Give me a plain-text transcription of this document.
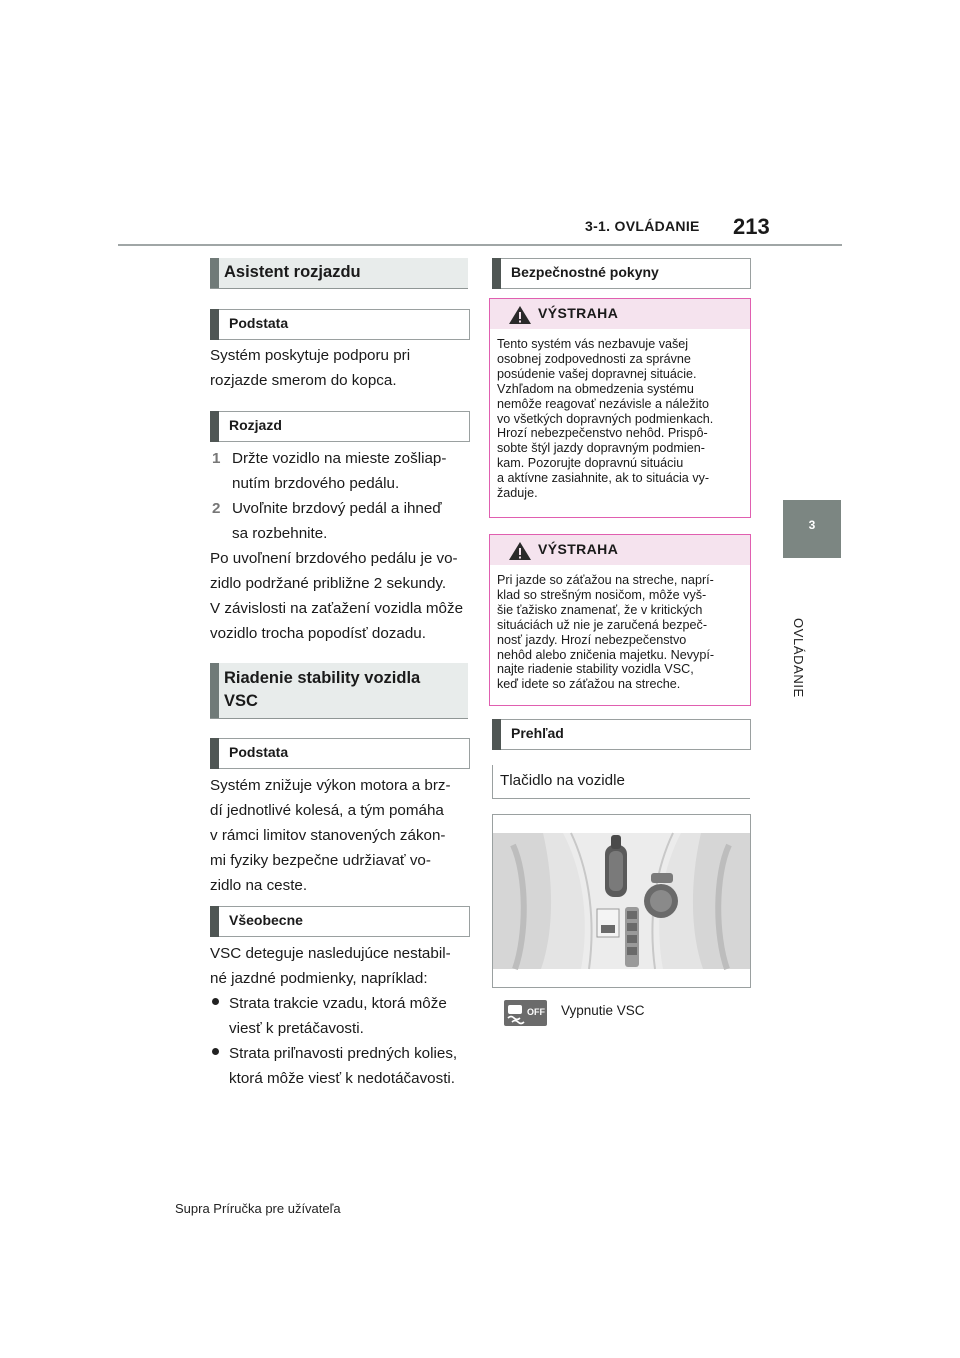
3-1. OVLÁDANIE 213
3
OVLÁDANIE
Asistent rozjazdu
Podstata
Systém poskytuje podporu pri
rozjazde smerom do kopca.
Rozjazd
1 Držte vozidlo na mieste zošliap-
nutím brzdového pedálu.
2 Uvoľnite brzdový pedál a ihneď
sa rozbehnite.
Po uvoľnení brzdového pedálu je vo-
zidlo podržané približne 2 sekundy.
V závislosti na zaťažení vozidla môže
vozidlo trocha popodísť dozadu.
Riadenie stability vozidla
VSC
Podstata
Systém znižuje výkon motora a brz-
dí jednotlivé kolesá, a tým pomáha
v rámci limitov stanovených zákon-
mi fyziky bezpečne udržiavať vo-
zidlo na ceste.
Všeobecne
VSC deteguje nasledujúce nestabil-
né jazdné podmienky, napríklad:
Strata trakcie vzadu, ktorá môže
viesť k pretáčavosti.
Strata priľnavosti predných kolies,
ktorá môže viesť k nedotáčavosti.
Bezpečnostné pokyny
VÝSTRAHA
Tento systém vás nezbavuje vašej
osobnej zodpovednosti za správne
posúdenie vašej dopravnej situácie.
Vzhľadom na obmedzenia systému
nemôže reagovať nezávisle a náležito
vo všetkých dopravných podmienkach.
Hrozí nebezpečenstvo nehôd. Prispô-
sobte štýl jazdy dopravným podmien-
kam. Pozorujte dopravnú situáciu
a aktívne zasiahnite, ak to situácia vy-
žaduje.
VÝSTRAHA
Pri jazde so záťažou na streche, naprí-
klad so strešným nosičom, môže vyš-
šie ťažisko znamenať, že v kritických
situáciách už nie je zaručená bezpeč-
nosť jazdy. Hrozí nebezpečenstvo
nehôd alebo zničenia majetku. Nevypí-
najte riadenie stability vozidla VSC,
keď idete so záťažou na streche.
Prehľad
Tlačidlo na vozidle
OFF Vypnutie VSC
Supra Príručka pre užívateľa
